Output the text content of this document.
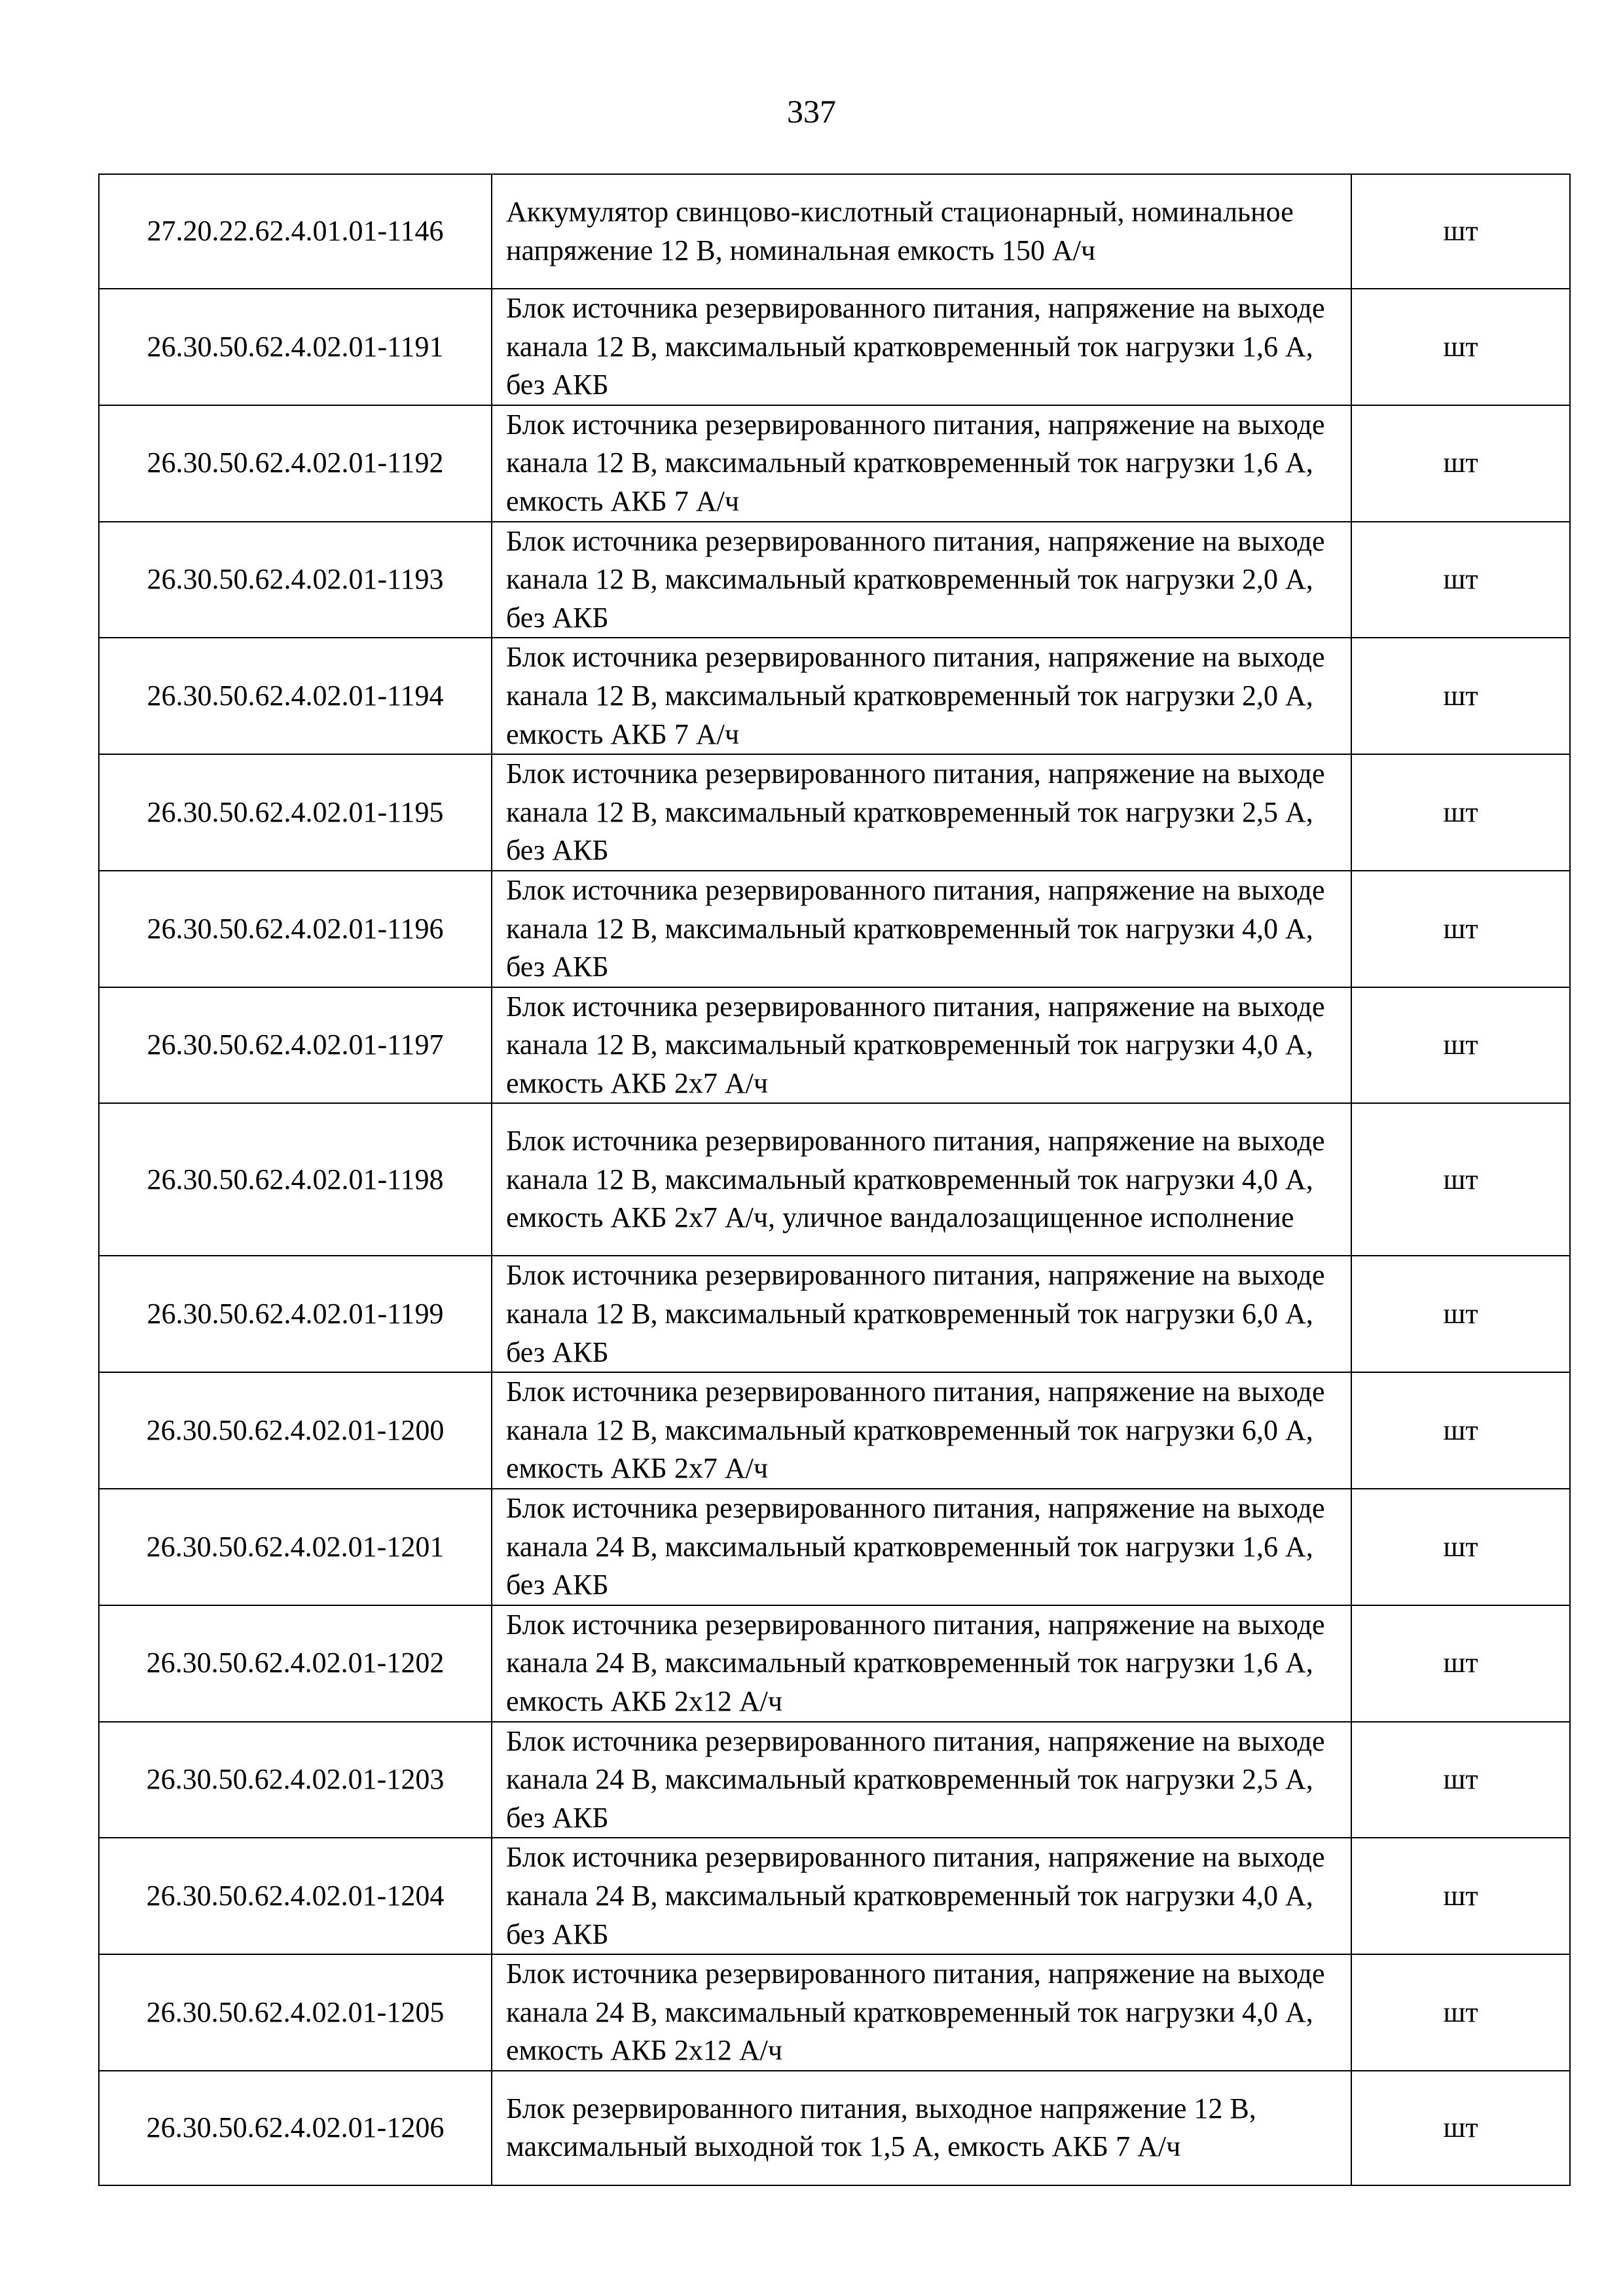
337
27.20.22.62.4.01.01-1146	Аккумулятор свинцово-кислотный стационарный, номинальное напряжение 12 В, номинальная емкость 150 А/ч	шт
26.30.50.62.4.02.01-1191	Блок источника резервированного питания, напряжение на выходе канала 12 В, максимальный кратковременный ток нагрузки 1,6 А, без АКБ	шт
26.30.50.62.4.02.01-1192	Блок источника резервированного питания, напряжение на выходе канала 12 В, максимальный кратковременный ток нагрузки 1,6 А, емкость АКБ 7 А/ч	шт
26.30.50.62.4.02.01-1193	Блок источника резервированного питания, напряжение на выходе канала 12 В, максимальный кратковременный ток нагрузки 2,0 А, без АКБ	шт
26.30.50.62.4.02.01-1194	Блок источника резервированного питания, напряжение на выходе канала 12 В, максимальный кратковременный ток нагрузки 2,0 А, емкость АКБ 7 А/ч	шт
26.30.50.62.4.02.01-1195	Блок источника резервированного питания, напряжение на выходе канала 12 В, максимальный кратковременный ток нагрузки 2,5 А, без АКБ	шт
26.30.50.62.4.02.01-1196	Блок источника резервированного питания, напряжение на выходе канала 12 В, максимальный кратковременный ток нагрузки 4,0 А, без АКБ	шт
26.30.50.62.4.02.01-1197	Блок источника резервированного питания, напряжение на выходе канала 12 В, максимальный кратковременный ток нагрузки 4,0 А, емкость АКБ 2х7 А/ч	шт
26.30.50.62.4.02.01-1198	Блок источника резервированного питания, напряжение на выходе канала 12 В, максимальный кратковременный ток нагрузки 4,0 А, емкость АКБ 2х7 А/ч, уличное вандалозащищенное исполнение	шт
26.30.50.62.4.02.01-1199	Блок источника резервированного питания, напряжение на выходе канала 12 В, максимальный кратковременный ток нагрузки 6,0 А, без АКБ	шт
26.30.50.62.4.02.01-1200	Блок источника резервированного питания, напряжение на выходе канала 12 В, максимальный кратковременный ток нагрузки 6,0 А, емкость АКБ 2х7 А/ч	шт
26.30.50.62.4.02.01-1201	Блок источника резервированного питания, напряжение на выходе канала 24 В, максимальный кратковременный ток нагрузки 1,6 А, без АКБ	шт
26.30.50.62.4.02.01-1202	Блок источника резервированного питания, напряжение на выходе канала 24 В, максимальный кратковременный ток нагрузки 1,6 А, емкость АКБ 2х12 А/ч	шт
26.30.50.62.4.02.01-1203	Блок источника резервированного питания, напряжение на выходе канала 24 В, максимальный кратковременный ток нагрузки 2,5 А, без АКБ	шт
26.30.50.62.4.02.01-1204	Блок источника резервированного питания, напряжение на выходе канала 24 В, максимальный кратковременный ток нагрузки 4,0 А, без АКБ	шт
26.30.50.62.4.02.01-1205	Блок источника резервированного питания, напряжение на выходе канала 24 В, максимальный кратковременный ток нагрузки 4,0 А, емкость АКБ 2х12 А/ч	шт
26.30.50.62.4.02.01-1206	Блок резервированного питания, выходное напряжение 12 В, максимальный выходной ток 1,5 А, емкость АКБ 7 А/ч	шт
